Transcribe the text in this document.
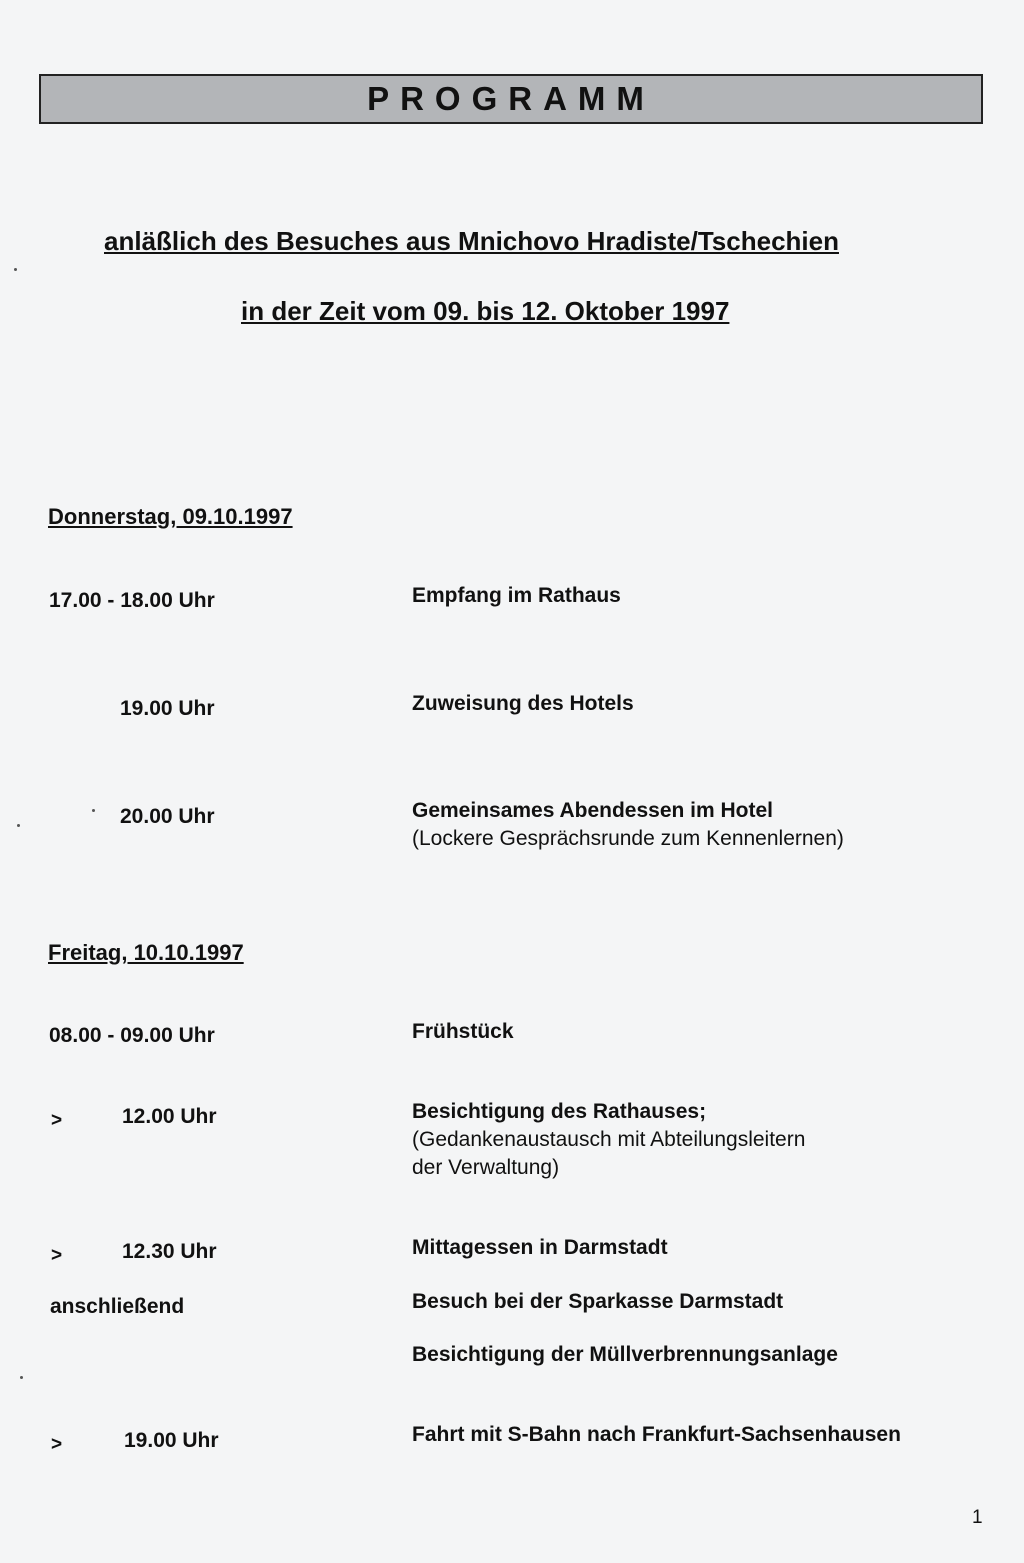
PROGRAMM
anläßlich des Besuches aus Mnichovo Hradiste/Tschechien
in der Zeit vom 09. bis 12. Oktober 1997
Donnerstag, 09.10.1997
17.00 - 18.00 Uhr	Empfang im Rathaus
19.00 Uhr	Zuweisung des Hotels
20.00 Uhr	Gemeinsames Abendessen im Hotel
(Lockere Gesprächsrunde zum Kennenlernen)
Freitag, 10.10.1997
08.00 - 09.00 Uhr	Frühstück
>	12.00 Uhr	Besichtigung des Rathauses;
(Gedankenaustausch mit Abteilungsleitern
der Verwaltung)
>	12.30 Uhr	Mittagessen in Darmstadt
anschließend	Besuch bei der Sparkasse Darmstadt
Besichtigung der Müllverbrennungsanlage
>	19.00 Uhr	Fahrt mit S-Bahn nach Frankfurt-Sachsenhausen
1
